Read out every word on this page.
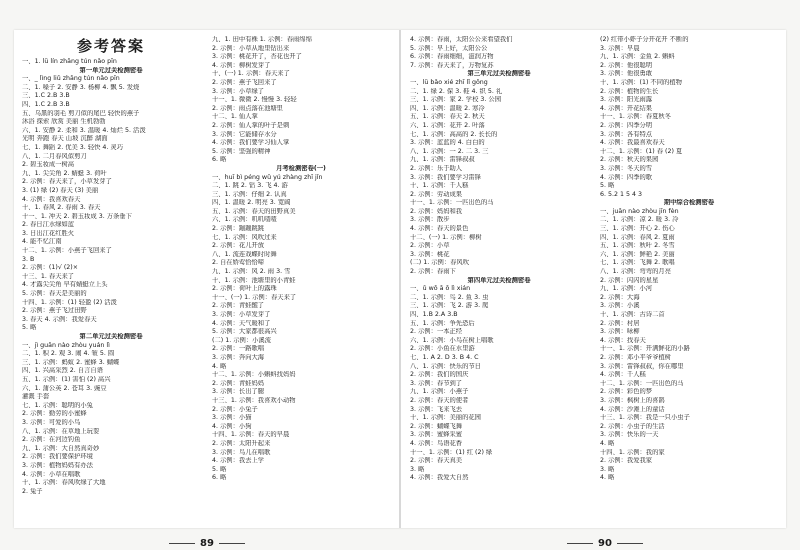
参考答案
一、1. lǜ lín zhāng tún nǎo pīn
第一单元过关检测密卷
一、_ lìng liǔ zhāng tún nǎo pīn
二、1. 嗓子 2. 安静 3. 杨柳 4. 飘 5. 发烧
三、1.C 2.B 3.B
四、1.C 2.B 3.B
五、乌黑的羽毛 剪刀似的尾巴 轻快的燕子
沐浴 探索 欣赏 美丽 生机勃勃
六、1. 安静 2. 柔和 3. 温暖 4. 灿烂 5. 活泼
光明 奔跑 春天 山坡 沉醉 湖面
七、1. 舞蹈 2. 优美 3. 轻快 4. 灵巧
八、1. 二月春风似剪刀
2. 碧玉妆成一树高
九、1. 尖尖角 2. 蜻蜓 3. 荷叶
2. 示例：春天来了，小草发芽了
3. (1) 绿 (2) 春天 (3) 美丽
4. 示例：我喜欢春天
十、1. 春风 2. 春雨 3. 春天
十一、1. 冲天 2. 碧玉妆成 3. 万条垂下
2. 春日江水绿如蓝
3. 日出江花红胜火
4. 能不忆江南
十二、1. 示例：小燕子飞回来了
3. B
2. 示例：(1)√ (2)×
十三、1. 春天来了
4. 才露尖尖角 早有蜻蜓立上头
5. 示例：春天是美丽的
十四、1. 示例：(1) 轻盈 (2) 活泼
2. 示例：燕子飞过田野
3. 春天 4. 示例：我爱春天
5. 略
第二单元过关检测密卷
一、jì guān nào zhòu yuán lì
二、1. 积 2. 观 3. 闹 4. 皱 5. 圆
三、1. 示例：蚂蚁 2. 蜜蜂 3. 蝴蝶
四、1. 兴高采烈 2. 自言自语
五、1. 示例：(1) 害怕 (2) 高兴
六、1. 蒲公英 2. 苍耳 3. 豌豆
灌溉 手套
七、1. 示例：聪明的小兔
2. 示例：勤劳的小蜜蜂
3. 示例：可爱的小鸟
八、1. 示例：在草地上玩耍
2. 示例：在河边钓鱼
九、1. 示例：大自然真奇妙
2. 示例：我们要保护环境
3. 示例：植物妈妈有办法
4. 示例：小草在唱歌
十、1. 示例：春风吹绿了大地
2. 兔子
九、1. 田中有株 1. 示例：春雨绵绵
2. 示例：小草从地里钻出来
3. 示例：桃花开了，杏花也开了
4. 示例：柳树发芽了
十、(一) 1. 示例：春天来了
2. 示例：燕子飞回来了
3. 示例：小草绿了
十一、1. 微微 2. 慢慢 3. 轻轻
2. 示例：雨点落在池塘里
十二、1. 仙人掌
2. 示例：仙人掌的叶子是刺
3. 示例：它能储存水分
4. 示例：我们要学习仙人掌
5. 示例：坚强的精神
6. 略
月考检测密卷(一)
一、huī bì péng wǔ yú zhàng zhī jǐn
二、1. 跳 2. 钻 3. 飞 4. 游
三、1. 示例：仔细 2. 认真
四、1. 温暖 2. 明亮 3. 宽阔
五、1. 示例：春天的田野真美
六、1. 示例：叽叽喳喳
2. 示例：蹦蹦跳跳
七、1. 示例：风吹过来
2. 示例：花儿开放
八、1. 流连戏蝶时时舞
2. 自在娇莺恰恰啼
九、1. 示例：风 2. 雨 3. 雪
十、1. 示例：池塘里的小青蛙
2. 示例：荷叶上的露珠
十一、(一) 1. 示例：春天来了
2. 示例：青蛙醒了
3. 示例：小草发芽了
4. 示例：天气暖和了
5. 示例：大家都很高兴
(二) 1. 示例：小溪流
2. 示例：一路歌唱
3. 示例：奔向大海
4. 略
十二、1. 示例：小蝌蚪找妈妈
2. 示例：青蛙妈妈
3. 示例：长出了腿
十三、1. 示例：我喜欢小动物
2. 示例：小兔子
3. 示例：小猫
4. 示例：小狗
十四、1. 示例：春天的早晨
2. 示例：太阳升起来
3. 示例：鸟儿在唱歌
4. 示例：我去上学
5. 略
6. 略
4. 示例：春雨，太阳公公来看望我们
5. 示例：早上好，太阳公公
6. 示例：春雨细细，滋润万物
7. 示例：春天来了，万物复苏
第三单元过关检测密卷
一、lǜ bǎo xié zhī lǐ gōng
二、1. 绿 2. 保 3. 鞋 4. 织 5. 礼
三、1. 示例：家 2. 学校 3. 公园
四、1. 示例：温暖 2. 寒冷
五、1. 示例：春天 2. 秋天
六、1. 示例：花开 2. 叶落
七、1. 示例：高高的 2. 长长的
3. 示例：蓝蓝的 4. 白白的
八、1. 示例：一 2. 二 3. 三
九、1. 示例：雷锋叔叔
2. 示例：乐于助人
3. 示例：我们要学习雷锋
十、1. 示例：千人糕
2. 示例：劳动成果
十一、1. 示例：一匹出色的马
2. 示例：妈妈和我
3. 示例：散步
4. 示例：春天的景色
十二、(一) 1. 示例：柳树
2. 示例：小草
3. 示例：桃花
(二) 1. 示例：春风吹
2. 示例：春雨下
第四单元过关检测密卷
一、ǔ wō ā ō lì xián
二、1. 示例：鸟 2. 鱼 3. 虫
三、1. 示例：飞 2. 游 3. 爬
四、1.B 2.A 3.B
五、1. 示例：争先恐后
2. 示例：一本正经
六、1. 示例：小鸟在树上唱歌
2. 示例：小鱼在水里游
七、1. A 2. D 3. B 4. C
八、1. 示例：快乐的节日
2. 示例：我们的国庆
3. 示例：春节到了
九、1. 示例：小燕子
2. 示例：春天的使者
3. 示例：飞来飞去
十、1. 示例：美丽的花园
2. 示例：蝴蝶飞舞
3. 示例：蜜蜂采蜜
4. 示例：鸟语花香
十一、1. 示例：(1) 红 (2) 绿
2. 示例：春天真美
3. 略
4. 示例：我爱大自然
(2) 红带小虾子分开花开 不断的
3. 示例：早晨
九、1. 示例：金鱼 2. 蝌蚪
2. 示例：他很聪明
3. 示例：他很勇敢
十、1. 示例：(1) 不同的植物
2. 示例：植物的生长
3. 示例：阳光雨露
4. 示例：开花结果
十一、1. 示例：春夏秋冬
2. 示例：四季分明
3. 示例：各有特点
4. 示例：我最喜欢春天
十二、1. 示例：(1) 春 (2) 夏
2. 示例：秋天的果园
3. 示例：冬天的雪
4. 示例：四季的歌
5. 略
6. 5.2 1 5 4 3
期中综合检测密卷
一、juān nào zhòu jīn fèn
二、1. 示例：凉 2. 暖 3. 冷
三、1. 示例：开心 2. 伤心
四、1. 示例：春风 2. 夏雨
五、1. 示例：秋叶 2. 冬雪
六、1. 示例：鲜艳 2. 美丽
七、1. 示例：飞舞 2. 歌唱
八、1. 示例：弯弯的月亮
2. 示例：闪闪的星星
九、1. 示例：小河
2. 示例：大海
3. 示例：小溪
十、1. 示例：古诗二首
2. 示例：村居
3. 示例：咏柳
4. 示例：找春天
十一、1. 示例：开满鲜花的小路
2. 示例：邓小平爷爷植树
3. 示例：雷锋叔叔，你在哪里
4. 示例：千人糕
十二、1. 示例：一匹出色的马
2. 示例：彩色的梦
3. 示例：枫树上的喜鹊
4. 示例：沙滩上的童话
十三、1. 示例：我是一只小虫子
2. 示例：小虫子的生活
3. 示例：快乐的一天
4. 略
十四、1. 示例：我的家
2. 示例：我爱我家
3. 略
4. 略
89	90
